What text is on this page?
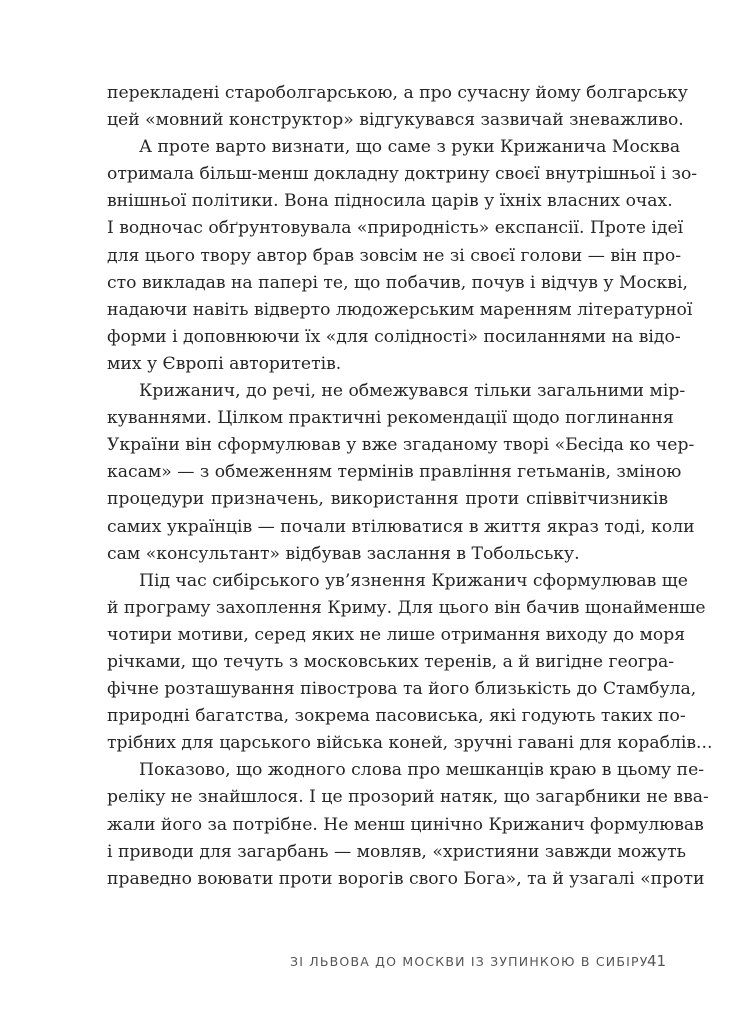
перекладені староболгарською, а про сучасну йому болгарську
цей «мовний конструктор» відгукувався зазвичай зневажливо.
А проте варто визнати, що саме з руки Крижанича Москва
отримала більш-менш докладну доктрину своєї внутрішньої і зо-
внішньої політики. Вона підносила царів у їхніх власних очах.
І водночас обґрунтовувала «природність» експансії. Проте ідеї
для цього твору автор брав зовсім не зі своєї голови — він про-
сто викладав на папері те, що побачив, почув і відчув у Москві,
надаючи навіть відверто людожерським маренням літературної
форми і доповнюючи їх «для солідності» посиланнями на відо-
мих у Європі авторитетів.
Крижанич, до речі, не обмежувався тільки загальними мір-
куваннями. Цілком практичні рекомендації щодо поглинання
України він сформулював у вже згаданому творі «Бесіда ко чер-
касам» — з обмеженням термінів правління гетьманів, зміною
процедури призначень, використання проти співвітчизників
самих українців — почали втілюватися в життя якраз тоді, коли
сам «консультант» відбував заслання в Тобольську.
Під час сибірського ув’язнення Крижанич сформулював ще
й програму захоплення Криму. Для цього він бачив щонайменше
чотири мотиви, серед яких не лише отримання виходу до моря
річками, що течуть з московських теренів, а й вигідне геогра-
фічне розташування півострова та його близькість до Стамбула,
природні багатства, зокрема пасовиська, які годують таких по-
трібних для царського війська коней, зручні гавані для кораблів...
Показово, що жодного слова про мешканців краю в цьому пе-
реліку не знайшлося. І це прозорий натяк, що загарбники не вва-
жали його за потрібне. Не менш цинічно Крижанич формулював
і приводи для загарбань — мовляв, «християни завжди можуть
праведно воювати проти ворогів свого Бога», та й узагалі «проти
ЗІ ЛЬВОВА ДО МОСКВИ ІЗ ЗУПИНКОЮ В СИБІРУ
41
